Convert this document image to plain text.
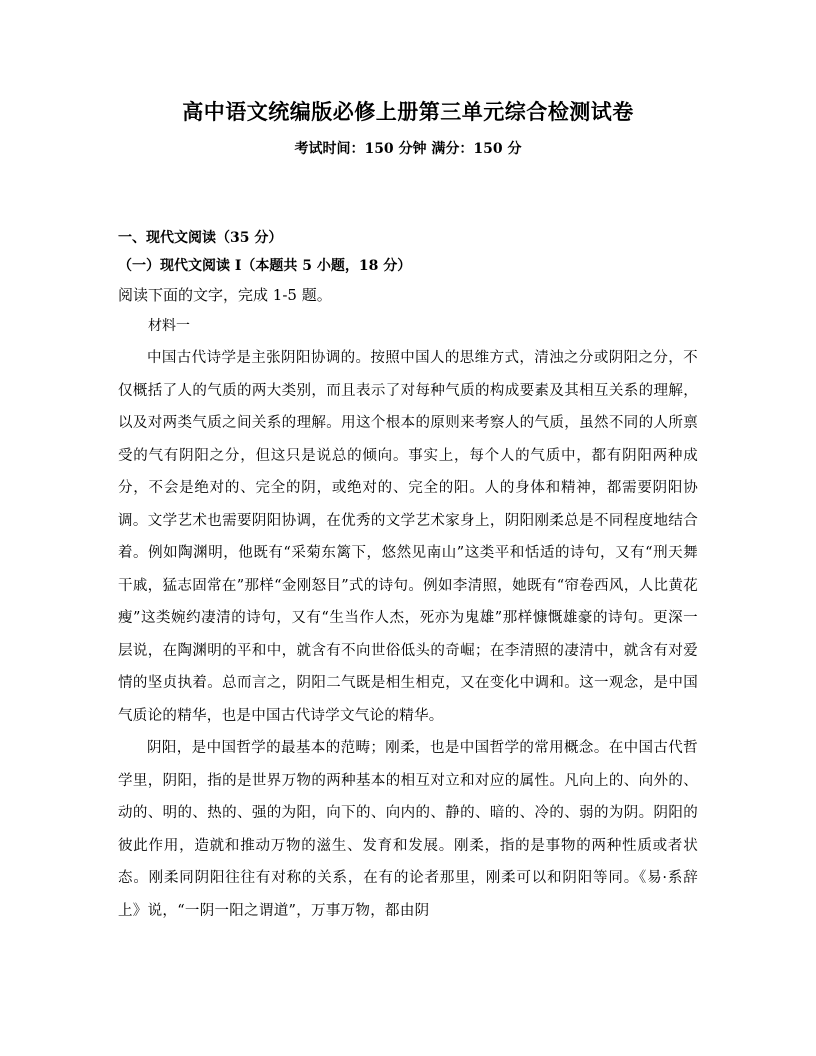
高中语文统编版必修上册第三单元综合检测试卷
考试时间：150 分钟 满分：150 分
一、现代文阅读（35 分）
（一）现代文阅读 I（本题共 5 小题，18 分）
阅读下面的文字，完成 1-5 题。
材料一

中国古代诗学是主张阴阳协调的。按照中国人的思维方式，清浊之分或阴阳之分，不仅概括了人的气质的两大类别，而且表示了对每种气质的构成要素及其相互关系的理解，以及对两类气质之间关系的理解。用这个根本的原则来考察人的气质，虽然不同的人所禀受的气有阴阳之分，但这只是说总的倾向。事实上，每个人的气质中，都有阴阳两种成分，不会是绝对的、完全的阴，或绝对的、完全的阳。人的身体和精神，都需要阴阳协调。文学艺术也需要阴阳协调，在优秀的文学艺术家身上，阴阳刚柔总是不同程度地结合着。例如陶渊明，他既有“采菊东篱下，悠然见南山”这类平和恬适的诗句，又有“刑天舞干戚，猛志固常在”那样“金刚怒目”式的诗句。例如李清照，她既有“帘卷西风，人比黄花瘦”这类婉约凄清的诗句，又有“生当作人杰，死亦为鬼雄”那样慷慨雄豪的诗句。更深一层说，在陶渊明的平和中，就含有不向世俗低头的奇崛；在李清照的凄清中，就含有对爱情的坚贞执着。总而言之，阴阳二气既是相生相克，又在变化中调和。这一观念，是中国气质论的精华，也是中国古代诗学文气论的精华。

阴阳，是中国哲学的最基本的范畴；刚柔，也是中国哲学的常用概念。在中国古代哲学里，阴阳，指的是世界万物的两种基本的相互对立和对应的属性。凡向上的、向外的、动的、明的、热的、强的为阳，向下的、向内的、静的、暗的、冷的、弱的为阴。阴阳的彼此作用，造就和推动万物的滋生、发育和发展。刚柔，指的是事物的两种性质或者状态。刚柔同阴阳往往有对称的关系，在有的论者那里，刚柔可以和阴阳等同。《易·系辞上》说，“一阴一阳之谓道”，万事万物，都由阴
